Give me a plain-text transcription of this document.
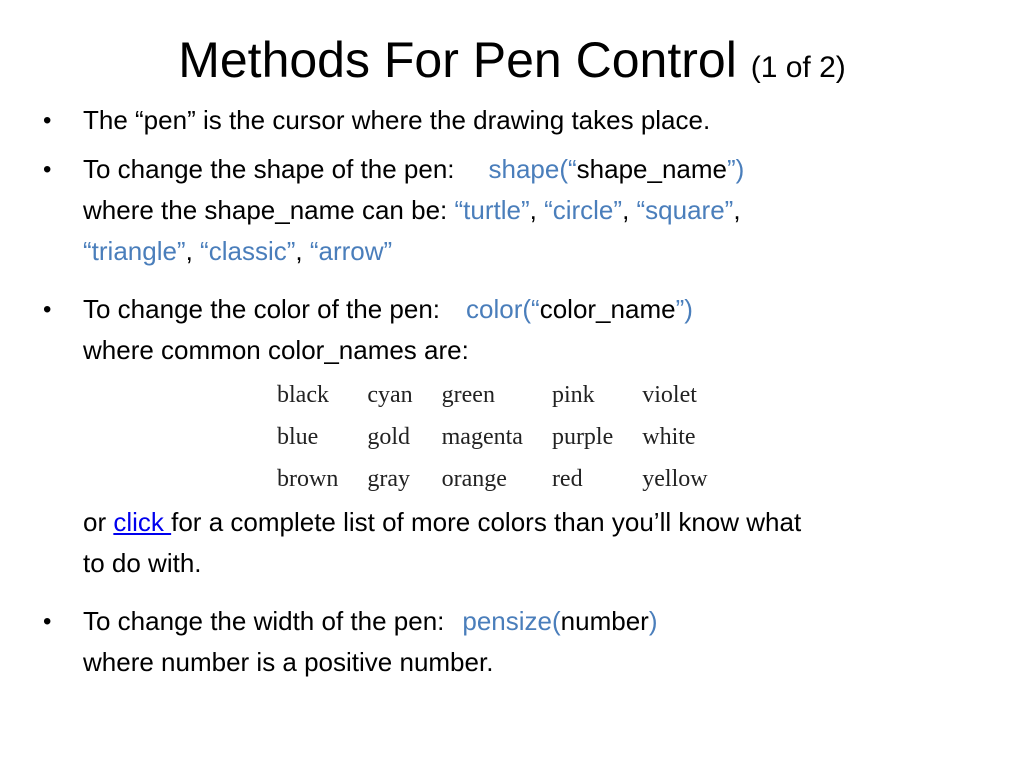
Methods For Pen Control (1 of 2)
• The “pen” is the cursor where the drawing takes place.
• To change the shape of the pen: shape(“shape_name”)
where the shape_name can be: “turtle”, “circle”, “square”,
“triangle”, “classic”, “arrow”
• To change the color of the pen: color(“color_name”)
where common color_names are:
black	cyan	green	pink	violet
blue	gold	magenta	purple	white
brown	gray	orange	red	yellow
or click for a complete list of more colors than you’ll know what
to do with.
• To change the width of the pen: pensize(number)
where number is a positive number.
